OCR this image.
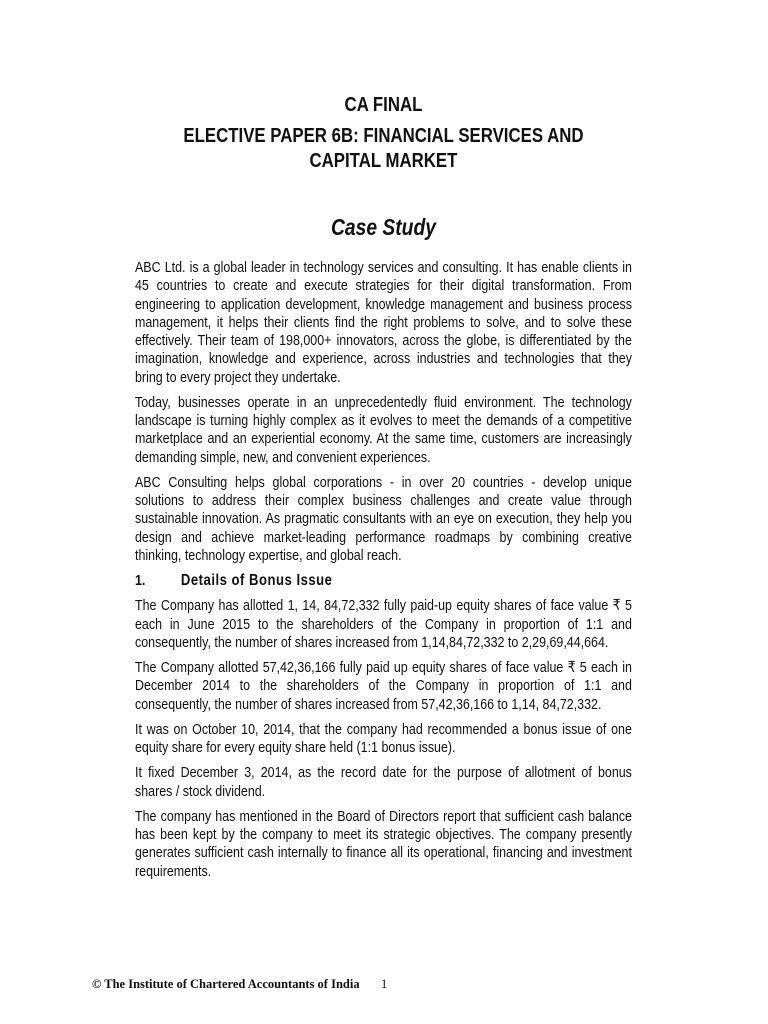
CA FINAL
ELECTIVE PAPER 6B: FINANCIAL SERVICES AND
CAPITAL MARKET
Case Study

ABC Ltd. is a global leader in technology services and consulting. It has enable clients in 45 countries to create and execute strategies for their digital transformation. From engineering to application development, knowledge management and business process management, it helps their clients find the right problems to solve, and to solve these effectively. Their team of 198,000+ innovators, across the globe, is differentiated by the imagination, knowledge and experience, across industries and technologies that they bring to every project they undertake.

Today, businesses operate in an unprecedentedly fluid environment. The technology landscape is turning highly complex as it evolves to meet the demands of a competitive marketplace and an experiential economy. At the same time, customers are increasingly demanding simple, new, and convenient experiences.

ABC Consulting helps global corporations - in over 20 countries - develop unique solutions to address their complex business challenges and create value through sustainable innovation. As pragmatic consultants with an eye on execution, they help you design and achieve market-leading performance roadmaps by combining creative thinking, technology expertise, and global reach.

1. Details of Bonus Issue

The Company has allotted 1, 14, 84,72,332 fully paid-up equity shares of face value ₹ 5 each in June 2015 to the shareholders of the Company in proportion of 1:1 and consequently, the number of shares increased from 1,14,84,72,332 to 2,29,69,44,664.

The Company allotted 57,42,36,166 fully paid up equity shares of face value ₹ 5 each in December 2014 to the shareholders of the Company in proportion of 1:1 and consequently, the number of shares increased from 57,42,36,166 to 1,14, 84,72,332.

It was on October 10, 2014, that the company had recommended a bonus issue of one equity share for every equity share held (1:1 bonus issue).

It fixed December 3, 2014, as the record date for the purpose of allotment of bonus shares / stock dividend.

The company has mentioned in the Board of Directors report that sufficient cash balance has been kept by the company to meet its strategic objectives. The company presently generates sufficient cash internally to finance all its operational, financing and investment requirements.

© The Institute of Chartered Accountants of India 1
